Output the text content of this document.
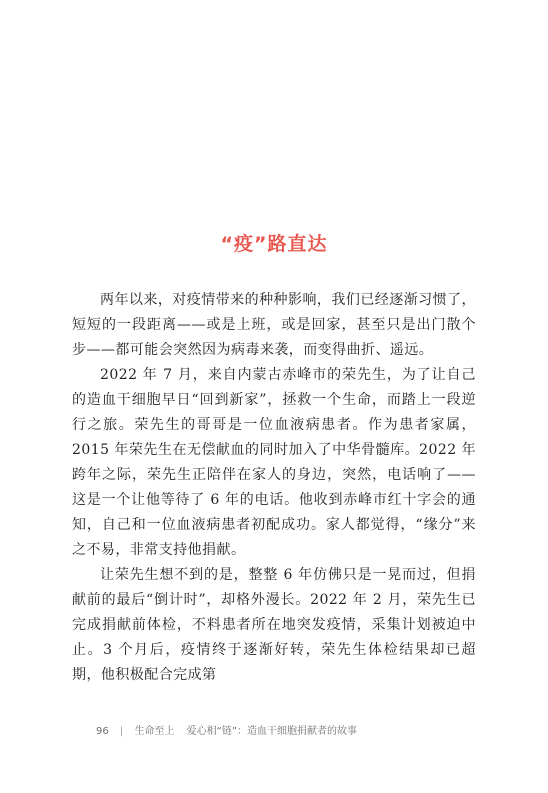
“疫”路直达

两年以来，对疫情带来的种种影响，我们已经逐渐习惯了，短短的一段距离——或是上班，或是回家，甚至只是出门散个步——都可能会突然因为病毒来袭，而变得曲折、遥远。

2022 年 7 月，来自内蒙古赤峰市的荣先生，为了让自己的造血干细胞早日“回到新家”，拯救一个生命，而踏上一段逆行之旅。荣先生的哥哥是一位血液病患者。作为患者家属，2015 年荣先生在无偿献血的同时加入了中华骨髓库。2022 年跨年之际，荣先生正陪伴在家人的身边，突然，电话响了——这是一个让他等待了 6 年的电话。他收到赤峰市红十字会的通知，自己和一位血液病患者初配成功。家人都觉得，“缘分”来之不易，非常支持他捐献。

让荣先生想不到的是，整整 6 年仿佛只是一晃而过，但捐献前的最后“倒计时”，却格外漫长。2022 年 2 月，荣先生已完成捐献前体检，不料患者所在地突发疫情，采集计划被迫中止。3 个月后，疫情终于逐渐好转，荣先生体检结果却已超期，他积极配合完成第

96 | 生命至上 爱心相“链”：造血干细胞捐献者的故事
